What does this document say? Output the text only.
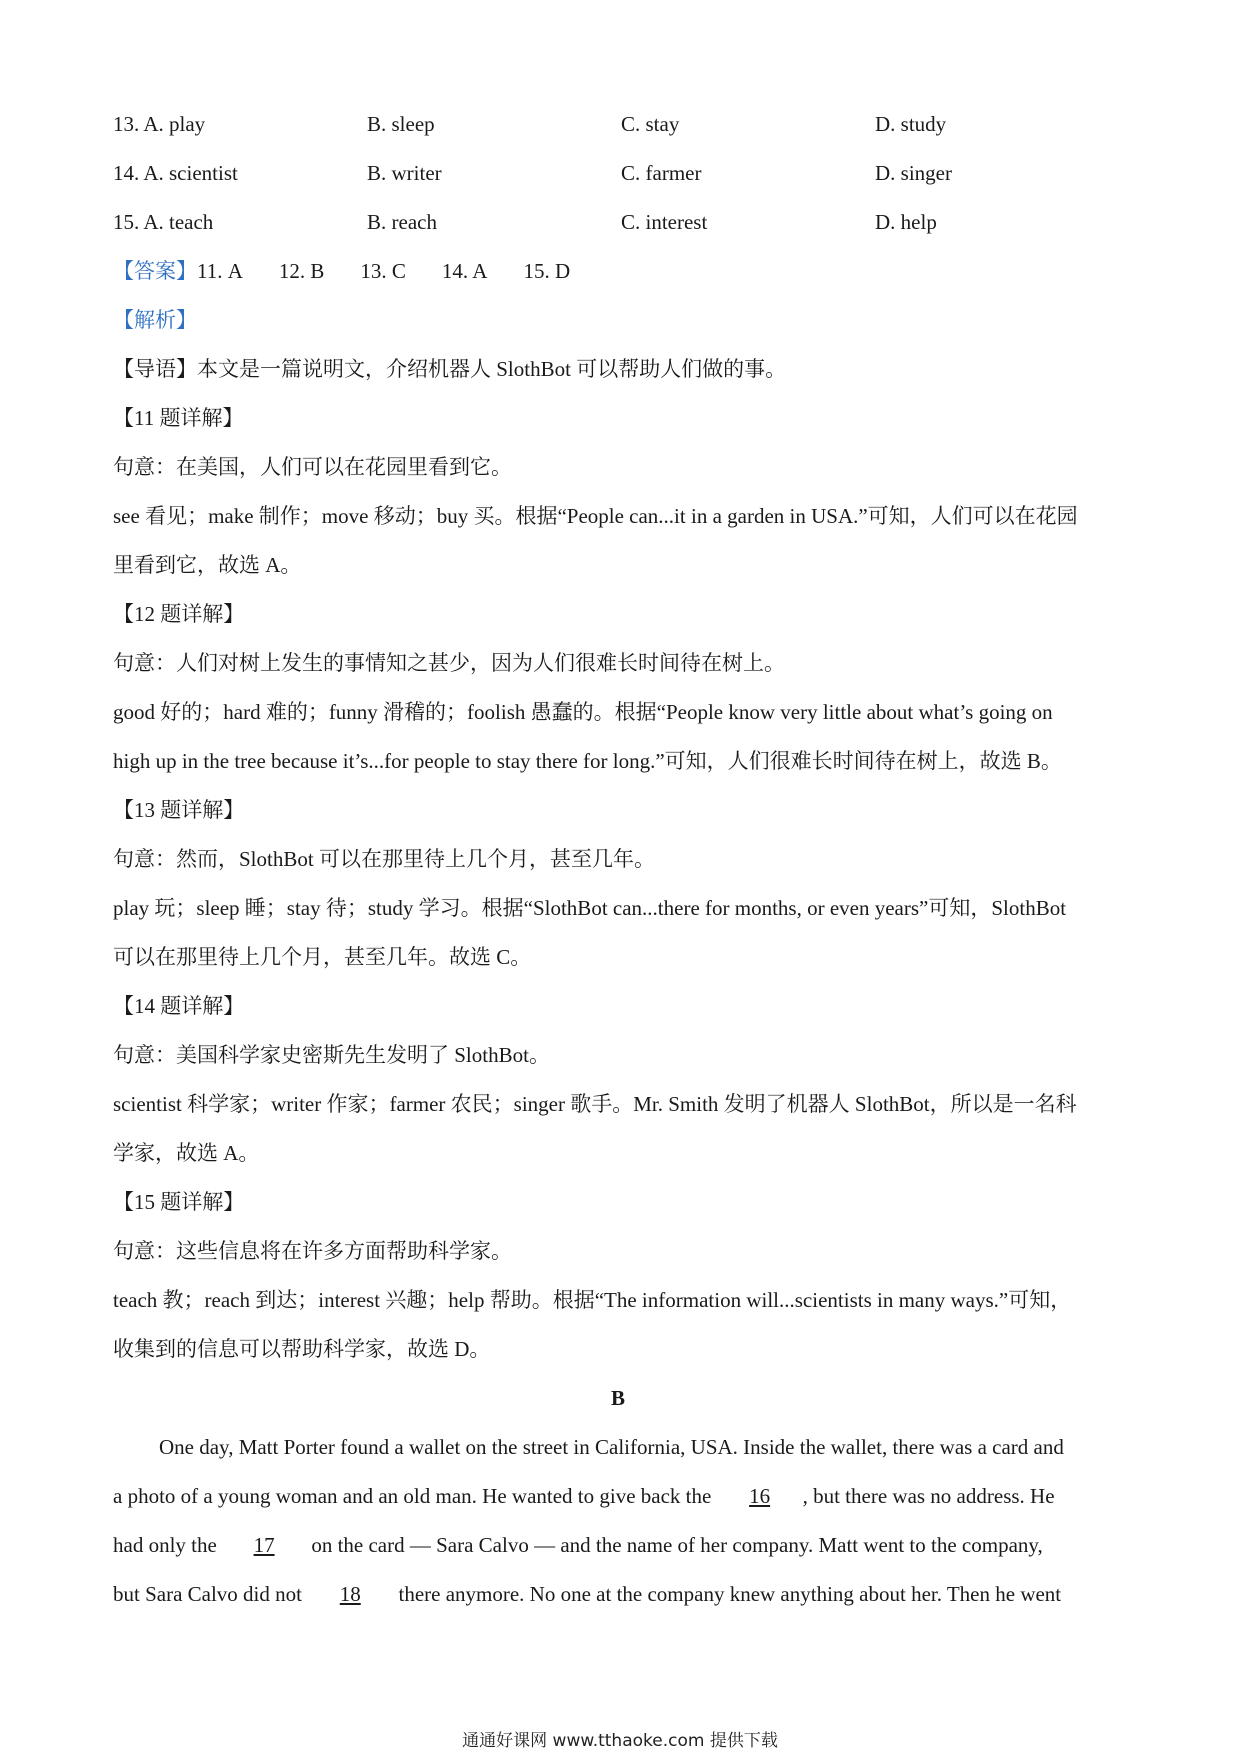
13. A. play	B. sleep	C. stay	D. study
14. A. scientist	B. writer	C. farmer	D. singer
15. A. teach	B. reach	C. interest	D. help
【答案】11. A 12. B 13. C 14. A 15. D
【解析】
【导语】本文是一篇说明文，介绍机器人 SlothBot 可以帮助人们做的事。
【11 题详解】
句意：在美国，人们可以在花园里看到它。
see 看见；make 制作；move 移动；buy 买。根据“People can...it in a garden in USA.”可知，人们可以在花园
里看到它，故选 A。
【12 题详解】
句意：人们对树上发生的事情知之甚少，因为人们很难长时间待在树上。
good 好的；hard 难的；funny 滑稽的；foolish 愚蠢的。根据“People know very little about what’s going on
high up in the tree because it’s...for people to stay there for long.”可知，人们很难长时间待在树上，故选 B。
【13 题详解】
句意：然而，SlothBot 可以在那里待上几个月，甚至几年。
play 玩；sleep 睡；stay 待；study 学习。根据“SlothBot can...there for months, or even years”可知，SlothBot
可以在那里待上几个月，甚至几年。故选 C。
【14 题详解】
句意：美国科学家史密斯先生发明了 SlothBot。
scientist 科学家；writer 作家；farmer 农民；singer 歌手。Mr. Smith 发明了机器人 SlothBot，所以是一名科
学家，故选 A。
【15 题详解】
句意：这些信息将在许多方面帮助科学家。
teach 教；reach 到达；interest 兴趣；help 帮助。根据“The information will...scientists in many ways.”可知，
收集到的信息可以帮助科学家，故选 D。
B
One day, Matt Porter found a wallet on the street in California, USA. Inside the wallet, there was a card and
a photo of a young woman and an old man. He wanted to give back the 16 , but there was no address. He
had only the 17 on the card — Sara Calvo — and the name of her company. Matt went to the company,
but Sara Calvo did not 18 there anymore. No one at the company knew anything about her. Then he went
通通好课网 www.tthaoke.com 提供下载
